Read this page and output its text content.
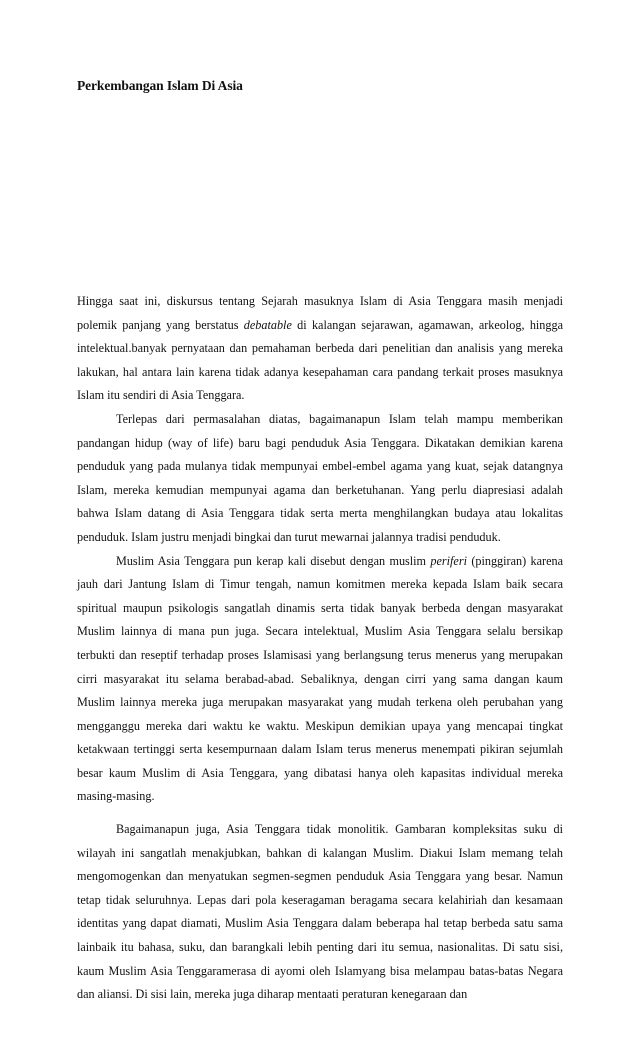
Perkembangan Islam Di Asia
Hingga saat ini, diskursus tentang Sejarah masuknya Islam di Asia Tenggara masih menjadi
polemik panjang yang berstatus debatable di kalangan sejarawan, agamawan, arkeolog, hingga
intelektual.banyak pernyataan dan pemahaman berbeda dari penelitian dan analisis yang mereka
lakukan, hal antara lain karena tidak adanya kesepahaman cara pandang terkait proses masuknya
Islam itu sendiri di Asia Tenggara.
Terlepas dari permasalahan diatas, bagaimanapun Islam telah mampu memberikan
pandangan hidup (way of life) baru bagi penduduk Asia Tenggara. Dikatakan demikian karena
penduduk yang pada mulanya tidak mempunyai embel-embel agama yang kuat, sejak datangnya
Islam, mereka kemudian mempunyai agama dan berketuhanan. Yang perlu diapresiasi adalah
bahwa Islam datang di Asia Tenggara tidak serta merta menghilangkan budaya atau lokalitas
penduduk. Islam justru menjadi bingkai dan turut mewarnai jalannya tradisi penduduk.
Muslim Asia Tenggara pun kerap kali disebut dengan muslim periferi (pinggiran) karena
jauh dari Jantung Islam di Timur tengah, namun komitmen mereka kepada Islam baik secara
spiritual maupun psikologis sangatlah dinamis serta tidak banyak berbeda dengan masyarakat
Muslim lainnya di mana pun juga. Secara intelektual, Muslim Asia Tenggara selalu bersikap
terbukti dan reseptif terhadap proses Islamisasi yang berlangsung terus menerus yang merupakan
cirri masyarakat itu selama berabad-abad. Sebaliknya, dengan cirri yang sama dangan kaum
Muslim lainnya mereka juga merupakan masyarakat yang mudah terkena oleh perubahan yang
mengganggu mereka dari waktu ke waktu. Meskipun demikian upaya yang mencapai tingkat
ketakwaan tertinggi serta kesempurnaan dalam Islam terus menerus menempati pikiran sejumlah
besar kaum Muslim di Asia Tenggara, yang dibatasi hanya oleh kapasitas individual mereka
masing-masing.
Bagaimanapun juga, Asia Tenggara tidak monolitik. Gambaran kompleksitas suku di
wilayah ini sangatlah menakjubkan, bahkan di kalangan Muslim. Diakui Islam memang telah
mengomogenkan dan menyatukan segmen-segmen penduduk Asia Tenggara yang besar. Namun
tetap tidak seluruhnya. Lepas dari pola keseragaman beragama secara kelahiriah dan kesamaan
identitas yang dapat diamati, Muslim Asia Tenggara dalam beberapa hal tetap berbeda satu sama
lainbaik itu bahasa, suku, dan barangkali lebih penting dari itu semua, nasionalitas. Di satu sisi,
kaum Muslim Asia Tenggaramerasa di ayomi oleh Islamyang bisa melampau batas-batas Negara
dan aliansi. Di sisi lain, mereka juga diharap mentaati peraturan kenegaraan dan
